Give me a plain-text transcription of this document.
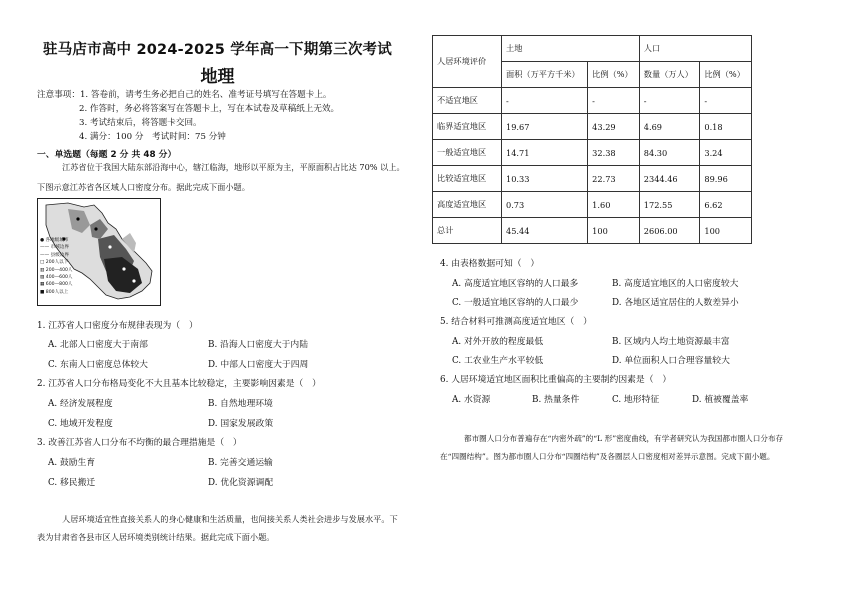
驻马店市高中 2024-2025 学年高一下期第三次考试
地理
注意事项：1. 答卷前，请考生务必把自己的姓名、准考证号填写在答题卡上。
2. 作答时，务必将答案写在答题卡上，写在本试卷及草稿纸上无效。
3. 考试结束后，将答题卡交回。
4. 满分：100 分　考试时间：75 分钟
一、单选题（每题 2 分 共 48 分）
江苏省位于我国大陆东部沿海中心，辖江临海，地形以平原为主，平原面积占比达 70% 以上。
下图示意江苏省各区域人口密度分布。据此完成下面小题。
● 各地级城市
—— 市域边界
—— 县级边界
□ 200人以下
▥ 200—400人
▨ 400—600人
▦ 600—800人
■ 800人以上
1. 江苏省人口密度分布规律表现为（　）
A. 北部人口密度大于南部	B. 沿海人口密度大于内陆
C. 东南人口密度总体较大	D. 中部人口密度大于四周
2. 江苏省人口分布格局变化不大且基本比较稳定，主要影响因素是（　）
A. 经济发展程度	B. 自然地理环境
C. 地域开发程度	D. 国家发展政策
3. 改善江苏省人口分布不均衡的最合理措施是（　）
A. 鼓励生育	B. 完善交通运输
C. 移民搬迁	D. 优化资源调配
人居环境适宜性直接关系人的身心健康和生活质量，也间接关系人类社会进步与发展水平。下
表为甘肃省各县市区人居环境类别统计结果。据此完成下面小题。
人居环境评价	土地		人口	
	面积（万平方千米）	比例（%）	数量（万人）	比例（%）
不适宜地区	-	-	-	-
临界适宜地区	19.67	43.29	4.69	0.18
一般适宜地区	14.71	32.38	84.30	3.24
比较适宜地区	10.33	22.73	2344.46	89.96
高度适宜地区	0.73	1.60	172.55	6.62
总计	45.44	100	2606.00	100
4. 由表格数据可知（　）
A. 高度适宜地区容纳的人口最多	B. 高度适宜地区的人口密度较大
C. 一般适宜地区容纳的人口最少	D. 各地区适宜居住的人数差异小
5. 结合材料可推测高度适宜地区（　）
A. 对外开放的程度最低	B. 区域内人均土地资源最丰富
C. 工农业生产水平较低	D. 单位面积人口合理容量较大
6. 人居环境适宜地区面积比重偏高的主要制约因素是（　）
A. 水资源	B. 热量条件	C. 地形特征	D. 植被覆盖率
都市圈人口分布普遍存在“内密外疏”的“L 形”密度曲线，有学者研究认为我国都市圈人口分布存
在“四圈结构”。图为都市圈人口分布“四圈结构”及各圈层人口密度相对差异示意图。完成下面小题。
